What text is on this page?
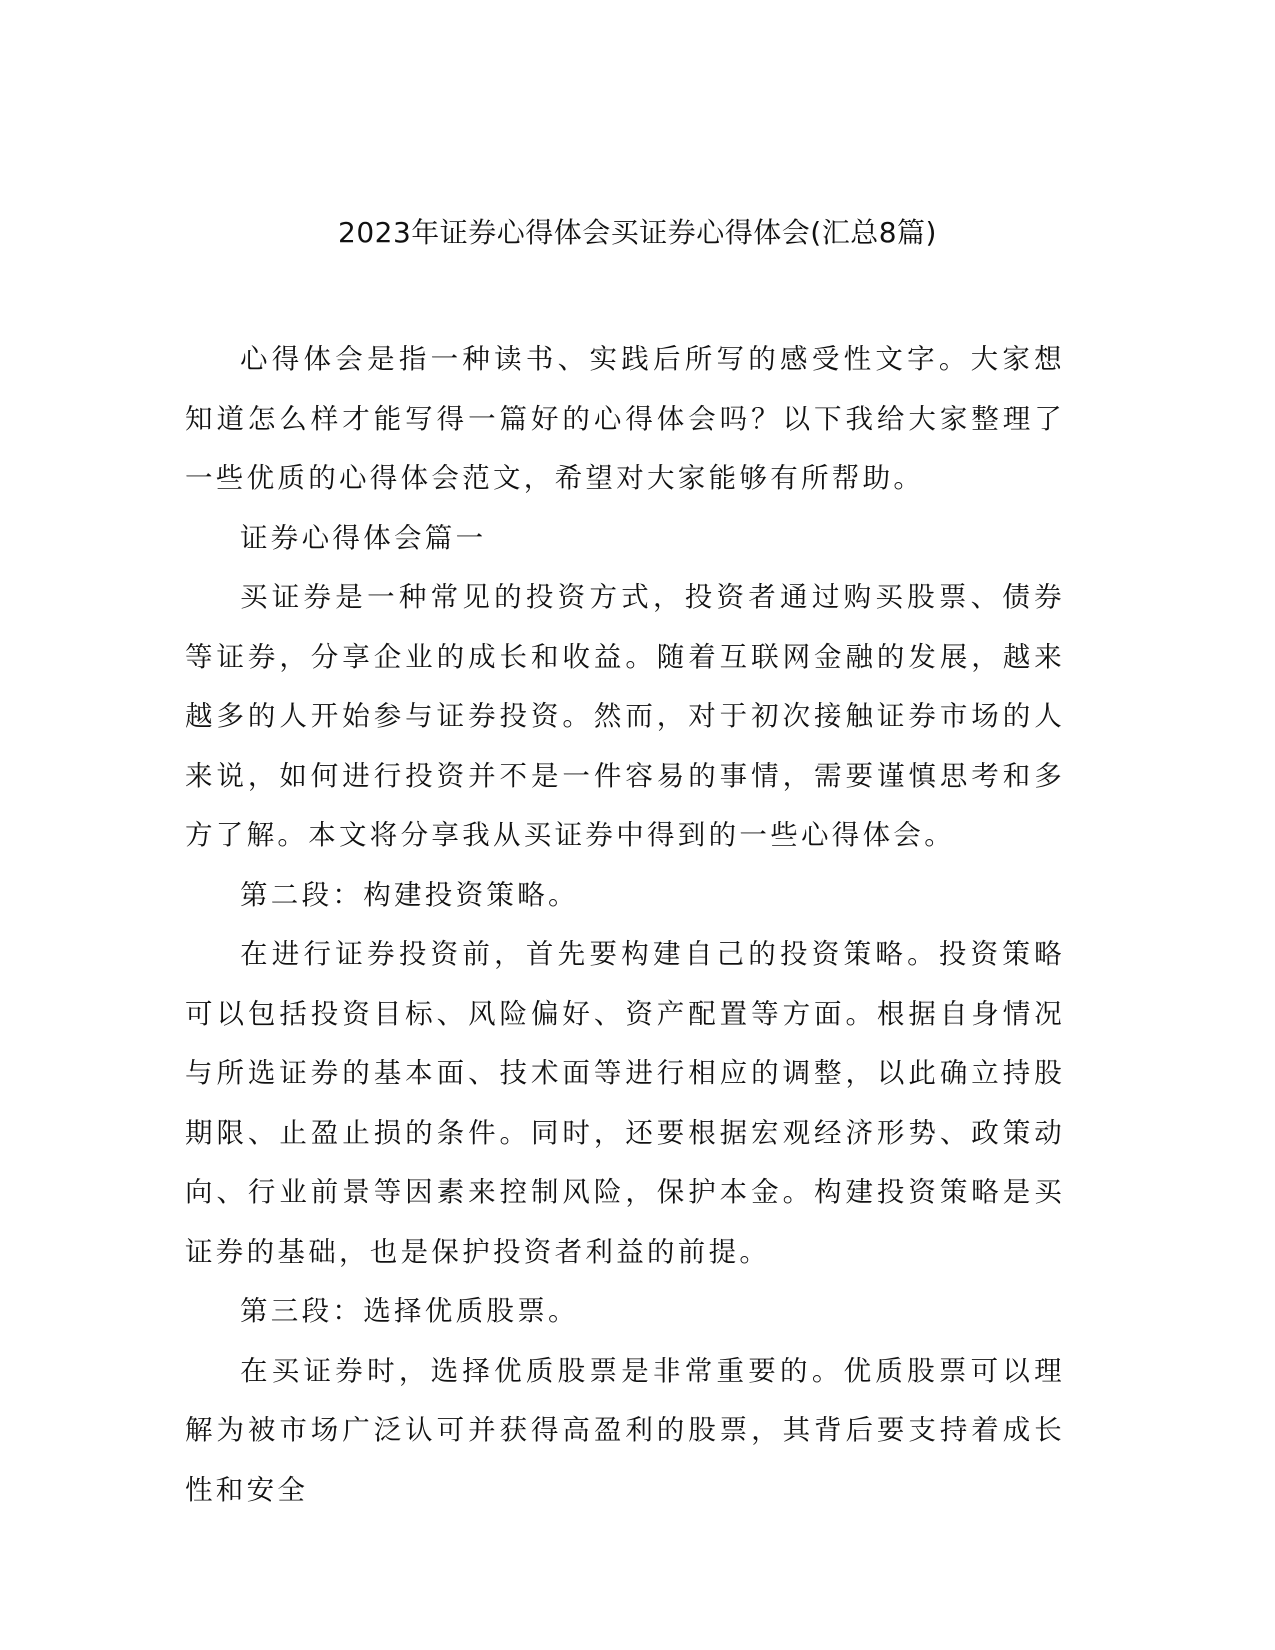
2023年证券心得体会买证券心得体会(汇总8篇)

心得体会是指一种读书、实践后所写的感受性文字。大家想知道怎么样才能写得一篇好的心得体会吗？以下我给大家整理了一些优质的心得体会范文，希望对大家能够有所帮助。

证券心得体会篇一

买证券是一种常见的投资方式，投资者通过购买股票、债券等证券，分享企业的成长和收益。随着互联网金融的发展，越来越多的人开始参与证券投资。然而，对于初次接触证券市场的人来说，如何进行投资并不是一件容易的事情，需要谨慎思考和多方了解。本文将分享我从买证券中得到的一些心得体会。

第二段：构建投资策略。

在进行证券投资前，首先要构建自己的投资策略。投资策略可以包括投资目标、风险偏好、资产配置等方面。根据自身情况与所选证券的基本面、技术面等进行相应的调整，以此确立持股期限、止盈止损的条件。同时，还要根据宏观经济形势、政策动向、行业前景等因素来控制风险，保护本金。构建投资策略是买证券的基础，也是保护投资者利益的前提。

第三段：选择优质股票。

在买证券时，选择优质股票是非常重要的。优质股票可以理解为被市场广泛认可并获得高盈利的股票，其背后要支持着成长性和安全
